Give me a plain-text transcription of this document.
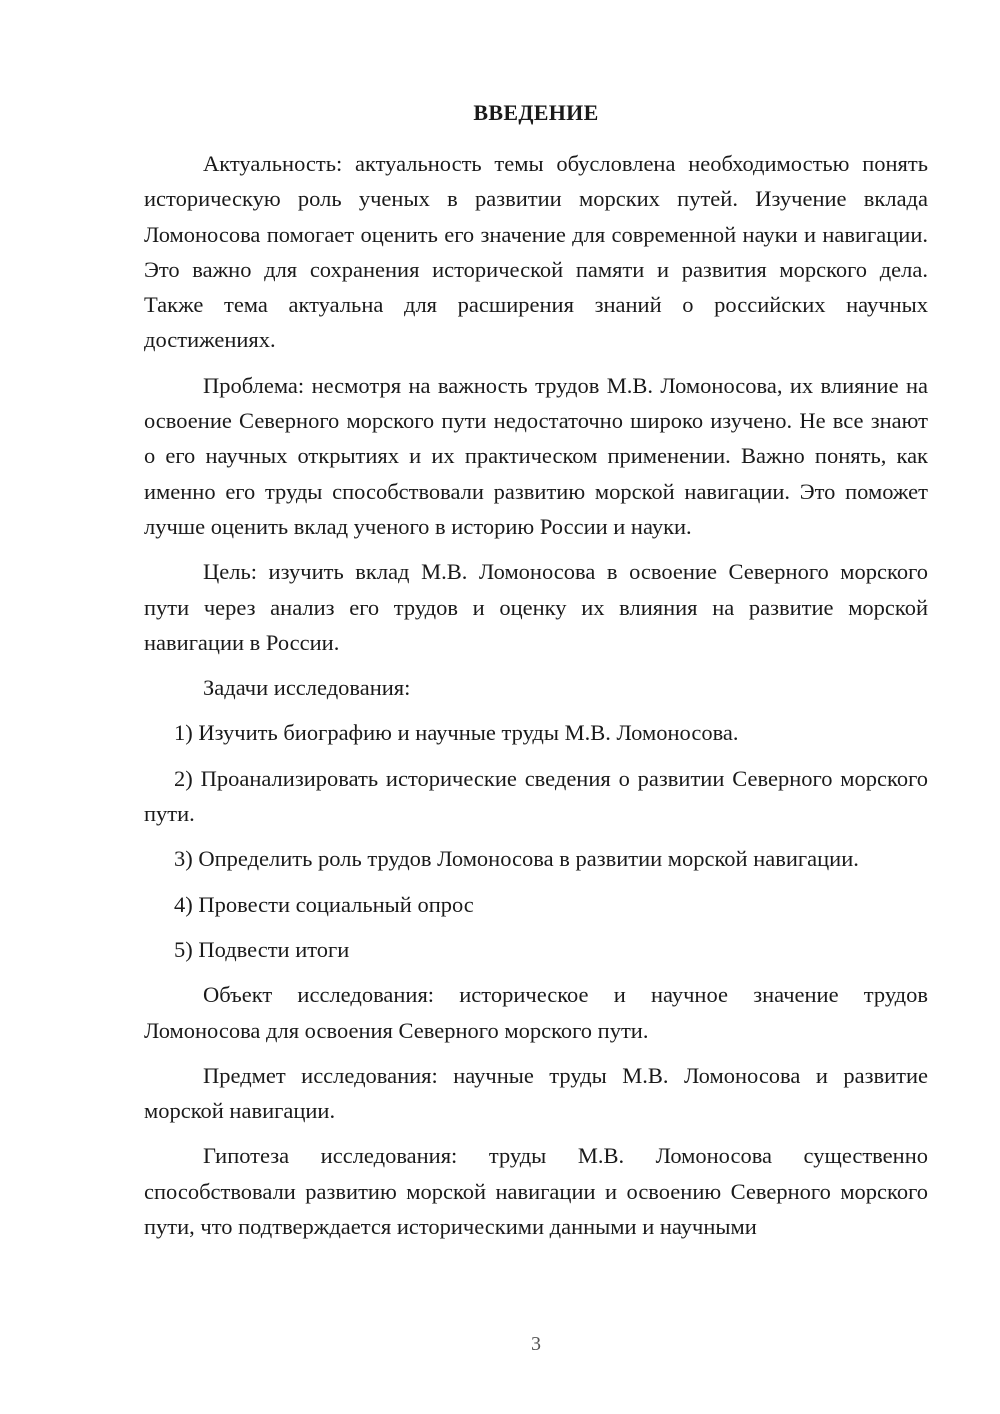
ВВЕДЕНИЕ

Актуальность: актуальность темы обусловлена необходимостью понять историческую роль ученых в развитии морских путей. Изучение вклада Ломоносова помогает оценить его значение для современной науки и навигации. Это важно для сохранения исторической памяти и развития морского дела. Также тема актуальна для расширения знаний о российских научных достижениях.

Проблема: несмотря на важность трудов М.В. Ломоносова, их влияние на освоение Северного морского пути недостаточно широко изучено. Не все знают о его научных открытиях и их практическом применении. Важно понять, как именно его труды способствовали развитию морской навигации. Это поможет лучше оценить вклад ученого в историю России и науки.

Цель: изучить вклад М.В. Ломоносова в освоение Северного морского пути через анализ его трудов и оценку их влияния на развитие морской навигации в России.

Задачи исследования:

1) Изучить биографию и научные труды М.В. Ломоносова.

2) Проанализировать исторические сведения о развитии Северного морского пути.

3) Определить роль трудов Ломоносова в развитии морской навигации.

4) Провести социальный опрос

5) Подвести итоги

Объект исследования: историческое и научное значение трудов Ломоносова для освоения Северного морского пути.

Предмет исследования: научные труды М.В. Ломоносова и развитие морской навигации.

Гипотеза исследования: труды М.В. Ломоносова существенно способствовали развитию морской навигации и освоению Северного морского пути, что подтверждается историческими данными и научными

3
